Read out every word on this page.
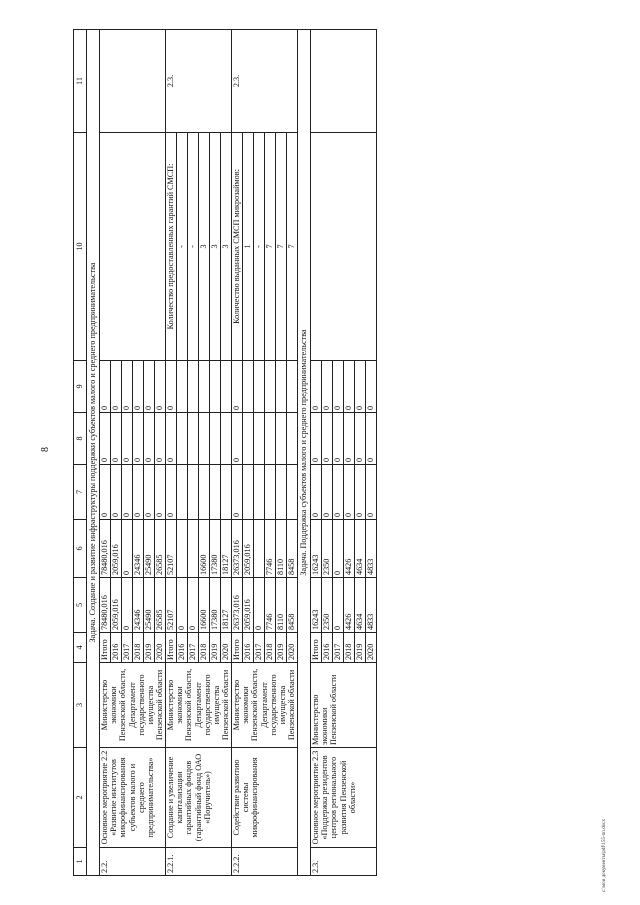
8
c:\мои документы\pdf\155-пп.docx
1	2	3	4	5	6	7	8	9	10	11
Задача. Создание и развитие инфраструктуры поддержки субъектов малого и среднего предпринимательства										
2.2.	Основное мероприятие 2.2 «Развитие институтов микрофинансирования субъектов малого и среднего предпринимательства»	Министерство экономики Пензенской области, Департамент государственного имущества Пензенской области	Итого	78480,016	78480,016	0	0	0		
			2016	2059,016	2059,016	0	0	0		
			2017	0	0	0	0	0		
			2018	24346	24346	0	0	0		
			2019	25490	25490	0	0	0		
			2020	26585	26585	0	0	0		
2.2.1.	Создание и увеличение капитализации гарантийных фондов (гарантийный фонд ОАО «Поручитель»)	Министерство экономики Пензенской области, Департамент государственного имущества Пензенской области	Итого	52107	52107	0	0	0	Количество предоставленных гарантий СМСП:	2.3.
			2016	0					-	
			2017	0					-	
			2018	16600	16600				3	
			2019	17380	17380				3	
			2020	18127	18127				3	
2.2.2.	Содействие развитию системы микрофинансирования	Министерство экономики Пензенской области, Департамент государственного имущества Пензенской области	Итого	26373,016	26373,016	0	0	0	Количество выданных СМСП микрозаймов:	2.3.
			2016	2059,016	2059,016				1	
			2017	0					-	
			2018	7746	7746				7	
			2019	8110	8110				7	
			2020	8458	8458				7	
Задача. Поддержка субъектов малого и среднего предпринимательства										
2.3.	Основное мероприятие 2.3 «Поддержка резидентов центров регионального развития Пензенской области»	Министерство экономики Пензенской области	Итого	16243	16243	0	0	0		
			2016	2350	2350	0	0	0		
			2017	0	0	0	0	0		
			2018	4426	4426	0	0	0		
			2019	4634	4634	0	0	0		
			2020	4833	4833	0	0	0		
